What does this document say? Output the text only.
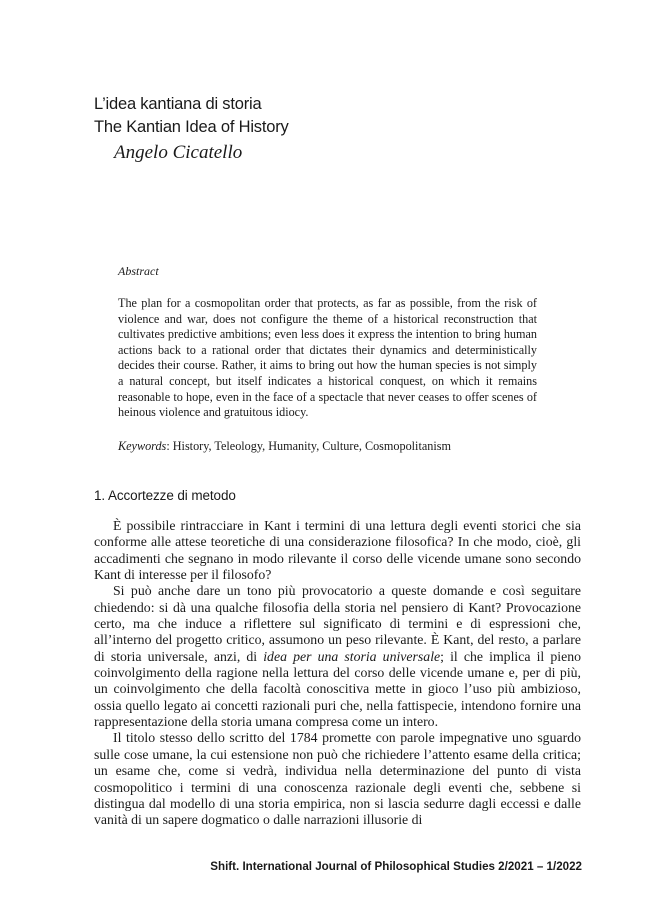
L’idea kantiana di storia
The Kantian Idea of History
Angelo Cicatello
Abstract

The plan for a cosmopolitan order that protects, as far as possible, from the risk of violence and war, does not configure the theme of a historical reconstruction that cultivates predictive ambitions; even less does it express the intention to bring human actions back to a rational order that dictates their dynamics and deterministically decides their course. Rather, it aims to bring out how the human species is not simply a natural concept, but itself indicates a historical conquest, on which it remains reasonable to hope, even in the face of a spectacle that never ceases to offer scenes of heinous violence and gratuitous idiocy.

Keywords: History, Teleology, Humanity, Culture, Cosmopolitanism
1. Accortezze di metodo

È possibile rintracciare in Kant i termini di una lettura degli eventi storici che sia conforme alle attese teoretiche di una considerazione filosofica? In che modo, cioè, gli accadimenti che segnano in modo rilevante il corso delle vicende umane sono secondo Kant di interesse per il filosofo?

Si può anche dare un tono più provocatorio a queste domande e così seguitare chiedendo: si dà una qualche filosofia della storia nel pensiero di Kant? Provocazione certo, ma che induce a riflettere sul significato di termini e di espressioni che, all’interno del progetto critico, assumono un peso rilevante. È Kant, del resto, a parlare di storia universale, anzi, di idea per una storia universale; il che implica il pieno coinvolgimento della ragione nella lettura del corso delle vicende umane e, per di più, un coinvolgimento che della facoltà conoscitiva mette in gioco l’uso più ambizioso, ossia quello legato ai concetti razionali puri che, nella fattispecie, intendono fornire una rappresentazione della storia umana compresa come un intero.

Il titolo stesso dello scritto del 1784 promette con parole impegnative uno sguardo sulle cose umane, la cui estensione non può che richiedere l’attento esame della critica; un esame che, come si vedrà, individua nella determinazione del punto di vista cosmopolitico i termini di una conoscenza razionale degli eventi che, sebbene si distingua dal modello di una storia empirica, non si lascia sedurre dagli eccessi e dalle vanità di un sapere dogmatico o dalle narrazioni illusorie di

Shift. International Journal of Philosophical Studies 2/2021 – 1/2022
